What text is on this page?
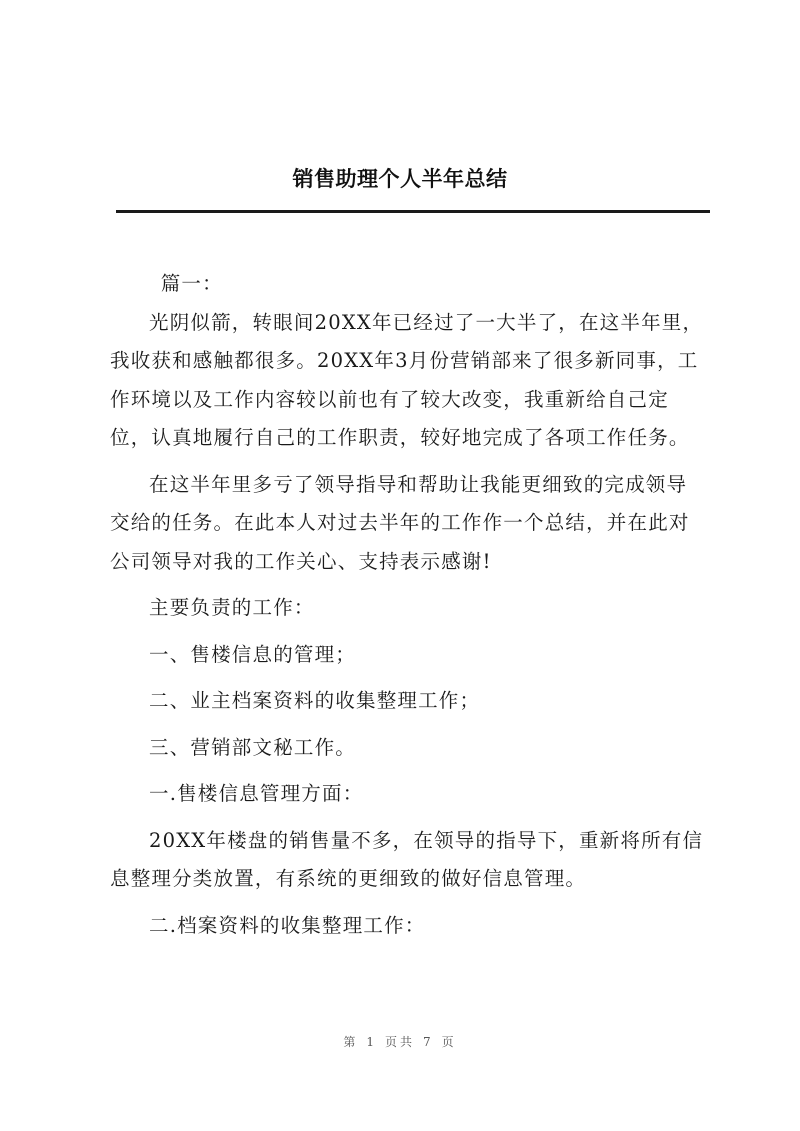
销售助理个人半年总结

篇一：

光阴似箭，转眼间20XX年已经过了一大半了，在这半年里，我收获和感触都很多。20XX年3月份营销部来了很多新同事，工作环境以及工作内容较以前也有了较大改变，我重新给自己定位，认真地履行自己的工作职责，较好地完成了各项工作任务。

在这半年里多亏了领导指导和帮助让我能更细致的完成领导交给的任务。在此本人对过去半年的工作作一个总结，并在此对公司领导对我的工作关心、支持表示感谢!

主要负责的工作：

一、售楼信息的管理；

二、业主档案资料的收集整理工作；

三、营销部文秘工作。

一.售楼信息管理方面：

20XX年楼盘的销售量不多，在领导的指导下，重新将所有信息整理分类放置，有系统的更细致的做好信息管理。

二.档案资料的收集整理工作：

第 1 页共 7 页
